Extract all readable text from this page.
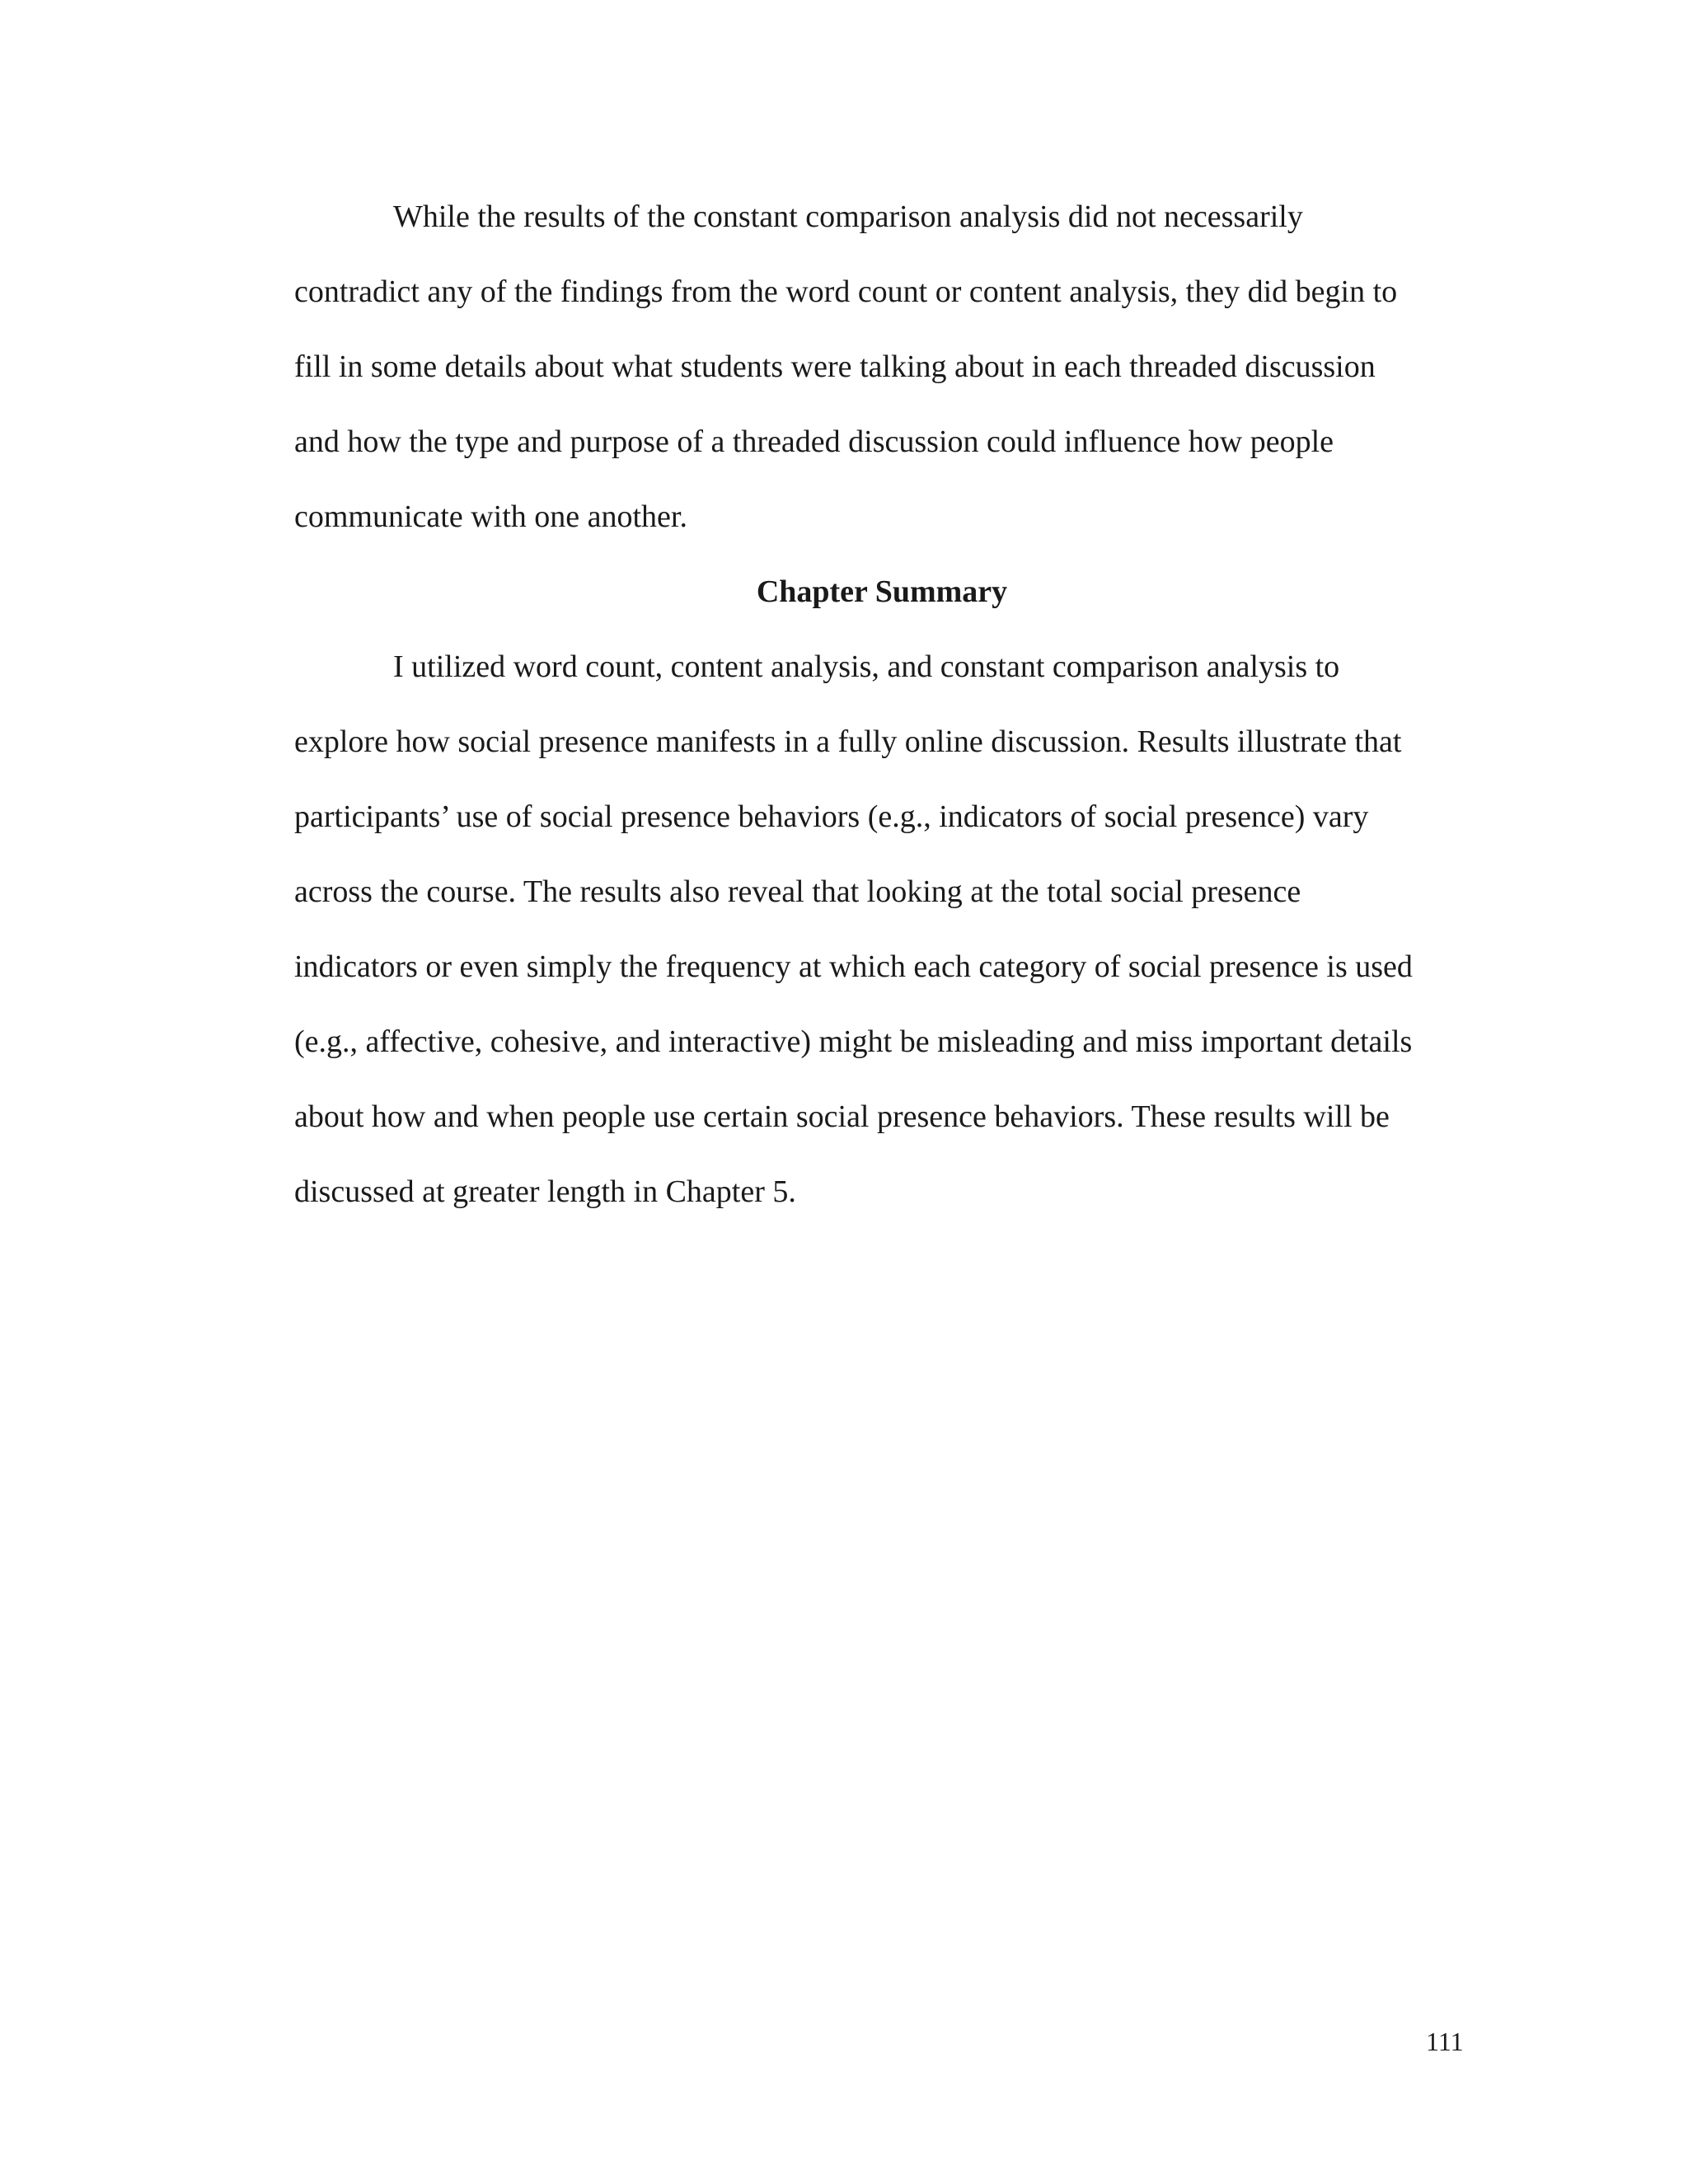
While the results of the constant comparison analysis did not necessarily
contradict any of the findings from the word count or content analysis, they did begin to
fill in some details about what students were talking about in each threaded discussion
and how the type and purpose of a threaded discussion could influence how people
communicate with one another.
Chapter Summary
I utilized word count, content analysis, and constant comparison analysis to
explore how social presence manifests in a fully online discussion. Results illustrate that
participants’ use of social presence behaviors (e.g., indicators of social presence) vary
across the course. The results also reveal that looking at the total social presence
indicators or even simply the frequency at which each category of social presence is used
(e.g., affective, cohesive, and interactive) might be misleading and miss important details
about how and when people use certain social presence behaviors. These results will be
discussed at greater length in Chapter 5.
111
